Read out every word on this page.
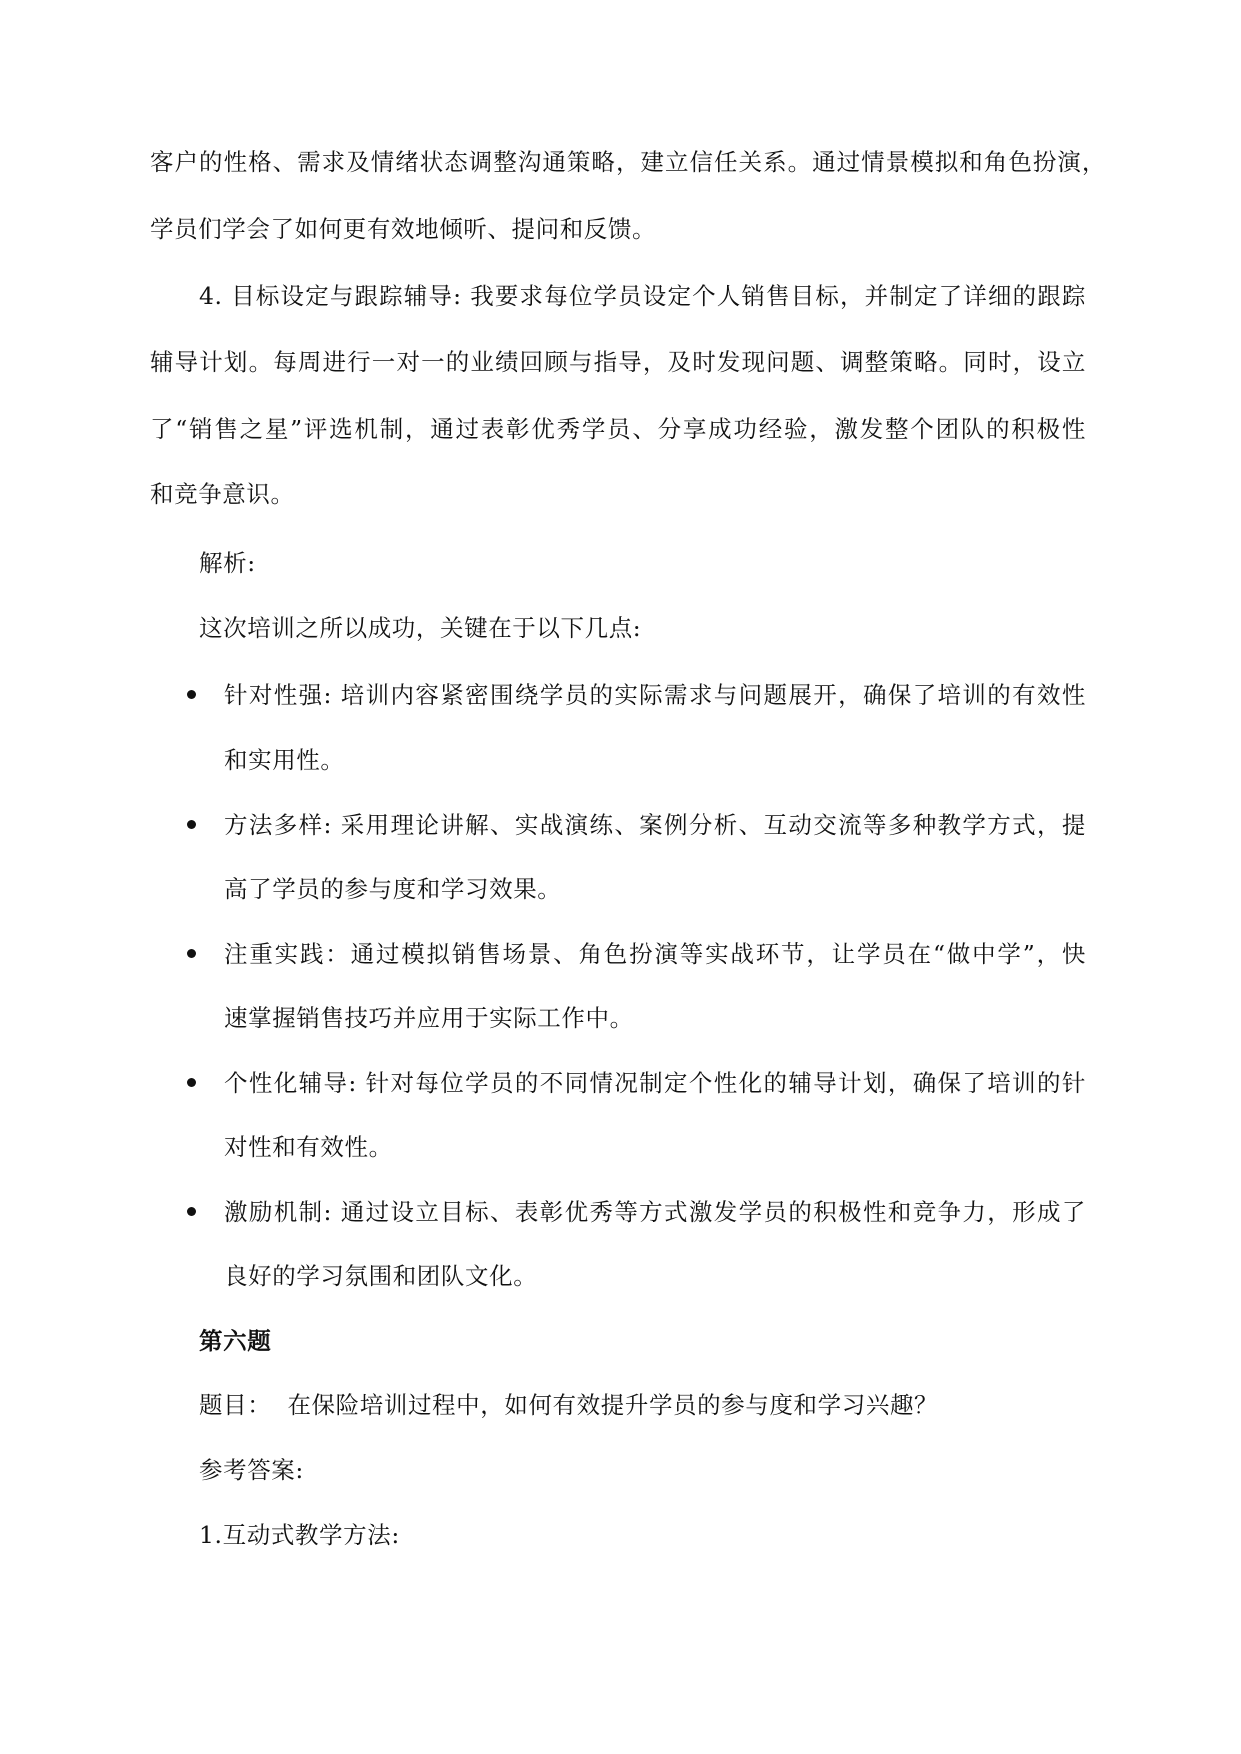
客户的性格、需求及情绪状态调整沟通策略，建立信任关系。通过情景模拟和角色扮演，
学员们学会了如何更有效地倾听、提问和反馈。
4. 目标设定与跟踪辅导: 我要求每位学员设定个人销售目标，并制定了详细的跟踪
辅导计划。每周进行一对一的业绩回顾与指导，及时发现问题、调整策略。同时，设立
了“销售之星”评选机制，通过表彰优秀学员、分享成功经验，激发整个团队的积极性
和竞争意识。
解析:
这次培训之所以成功，关键在于以下几点:
针对性强: 培训内容紧密围绕学员的实际需求与问题展开，确保了培训的有效性
和实用性。
方法多样: 采用理论讲解、实战演练、案例分析、互动交流等多种教学方式，提
高了学员的参与度和学习效果。
注重实践：通过模拟销售场景、角色扮演等实战环节，让学员在“做中学”，快
速掌握销售技巧并应用于实际工作中。
个性化辅导: 针对每位学员的不同情况制定个性化的辅导计划，确保了培训的针
对性和有效性。
激励机制: 通过设立目标、表彰优秀等方式激发学员的积极性和竞争力，形成了
良好的学习氛围和团队文化。
第六题
题目：  在保险培训过程中，如何有效提升学员的参与度和学习兴趣？
参考答案:
1.互动式教学方法:
